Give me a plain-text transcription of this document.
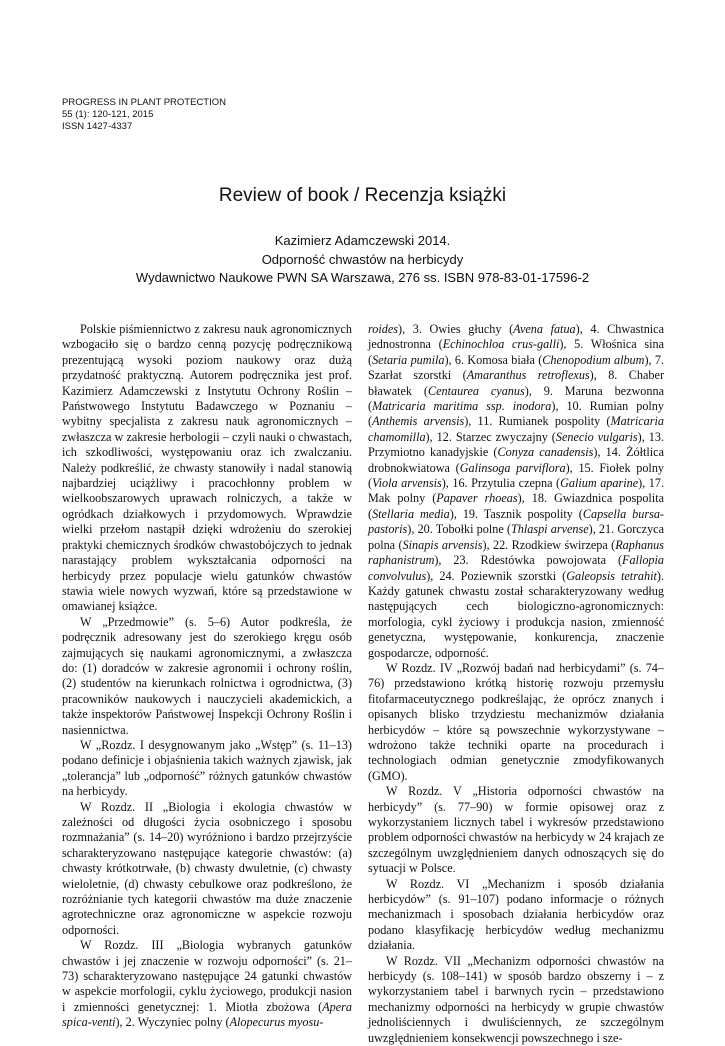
PROGRESS IN PLANT PROTECTION
55 (1): 120-121, 2015
ISSN 1427-4337
Review of book / Recenzja książki
Kazimierz Adamczewski 2014.
Odporność chwastów na herbicydy
Wydawnictwo Naukowe PWN SA Warszawa, 276 ss. ISBN 978-83-01-17596-2

Polskie piśmiennictwo z zakresu nauk agronomicznych wzbogaciło się o bardzo cenną pozycję podręcznikową prezentującą wysoki poziom naukowy oraz dużą przydatność praktyczną. Autorem podręcznika jest prof. Kazimierz Adamczewski z Instytutu Ochrony Roślin – Państwowego Instytutu Badawczego w Poznaniu – wybitny specjalista z zakresu nauk agronomicznych – zwłaszcza w zakresie herbologii – czyli nauki o chwastach, ich szkodliwości, występowaniu oraz ich zwalczaniu. Należy podkreślić, że chwasty stanowiły i nadal stanowią najbardziej uciążliwy i pracochłonny problem w wielkoobszarowych uprawach rolniczych, a także w ogródkach działkowych i przydomowych. Wprawdzie wielki przełom nastąpił dzięki wdrożeniu do szerokiej praktyki chemicznych środków chwastobójczych to jednak narastający problem wykształcania odporności na herbicydy przez populacje wielu gatunków chwastów stawia wiele nowych wyzwań, które są przedstawione w omawianej książce.

W „Przedmowie” (s. 5–6) Autor podkreśla, że podręcznik adresowany jest do szerokiego kręgu osób zajmujących się naukami agronomicznymi, a zwłaszcza do: (1) doradców w zakresie agronomii i ochrony roślin, (2) studentów na kierunkach rolnictwa i ogrodnictwa, (3) pracowników naukowych i nauczycieli akademickich, a także inspektorów Państwowej Inspekcji Ochrony Roślin i nasiennictwa.

W „Rozdz. I desygnowanym jako „Wstęp” (s. 11–13) podano definicje i objaśnienia takich ważnych zjawisk, jak „tolerancja” lub „odporność” różnych gatunków chwastów na herbicydy.

W Rozdz. II „Biologia i ekologia chwastów w zależności od długości życia osobniczego i sposobu rozmnażania” (s. 14–20) wyróżniono i bardzo przejrzyście scharakteryzowano następujące kategorie chwastów: (a) chwasty krótkotrwałe, (b) chwasty dwuletnie, (c) chwasty wieloletnie, (d) chwasty cebulkowe oraz podkreślono, że rozróżnianie tych kategorii chwastów ma duże znaczenie agrotechniczne oraz agronomiczne w aspekcie rozwoju odporności.

W Rozdz. III „Biologia wybranych gatunków chwastów i jej znaczenie w rozwoju odporności” (s. 21–73) scharakteryzowano następujące 24 gatunki chwastów w aspekcie morfologii, cyklu życiowego, produkcji nasion i zmienności genetycznej: 1. Miotła zbożowa (Apera spica-venti), 2. Wyczyniec polny (Alopecurus myosu-

roides), 3. Owies głuchy (Avena fatua), 4. Chwastnica jednostronna (Echinochloa crus-galli), 5. Włośnica sina (Setaria pumila), 6. Komosa biała (Chenopodium album), 7. Szarłat szorstki (Amaranthus retroflexus), 8. Chaber bławatek (Centaurea cyanus), 9. Maruna bezwonna (Matricaria maritima ssp. inodora), 10. Rumian polny (Anthemis arvensis), 11. Rumianek pospolity (Matricaria chamomilla), 12. Starzec zwyczajny (Senecio vulgaris), 13. Przymiotno kanadyjskie (Conyza canadensis), 14. Żółtlica drobnokwiatowa (Galinsoga parviflora), 15. Fiołek polny (Viola arvensis), 16. Przytulia czepna (Galium aparine), 17. Mak polny (Papaver rhoeas), 18. Gwiazdnica pospolita (Stellaria media), 19. Tasznik pospolity (Capsella bursa-pastoris), 20. Tobołki polne (Thlaspi arvense), 21. Gorczyca polna (Sinapis arvensis), 22. Rzodkiew świrzepa (Raphanus raphanistrum), 23. Rdestówka powojowata (Fallopia convolvulus), 24. Poziewnik szorstki (Galeopsis tetrahit). Każdy gatunek chwastu został scharakteryzowany według następujących cech biologiczno-agronomicznych: morfologia, cykl życiowy i produkcja nasion, zmienność genetyczna, występowanie, konkurencja, znaczenie gospodarcze, odporność.

W Rozdz. IV „Rozwój badań nad herbicydami” (s. 74–76) przedstawiono krótką historię rozwoju przemysłu fitofarmaceutycznego podkreślając, że oprócz znanych i opisanych blisko trzydziestu mechanizmów działania herbicydów – które są powszechnie wykorzystywane – wdrożono także techniki oparte na procedurach i technologiach odmian genetycznie zmodyfikowanych (GMO).

W Rozdz. V „Historia odporności chwastów na herbicydy” (s. 77–90) w formie opisowej oraz z wykorzystaniem licznych tabel i wykresów przedstawiono problem odporności chwastów na herbicydy w 24 krajach ze szczególnym uwzględnieniem danych odnoszących się do sytuacji w Polsce.

W Rozdz. VI „Mechanizm i sposób działania herbicydów” (s. 91–107) podano informacje o różnych mechanizmach i sposobach działania herbicydów oraz podano klasyfikację herbicydów według mechanizmu działania.

W Rozdz. VII „Mechanizm odporności chwastów na herbicydy (s. 108–141) w sposób bardzo obszerny i – z wykorzystaniem tabel i barwnych rycin – przedstawiono mechanizmy odporności na herbicydy w grupie chwastów jednoliściennych i dwuliściennych, ze szczególnym uwzględnieniem konsekwencji powszechnego i sze-
